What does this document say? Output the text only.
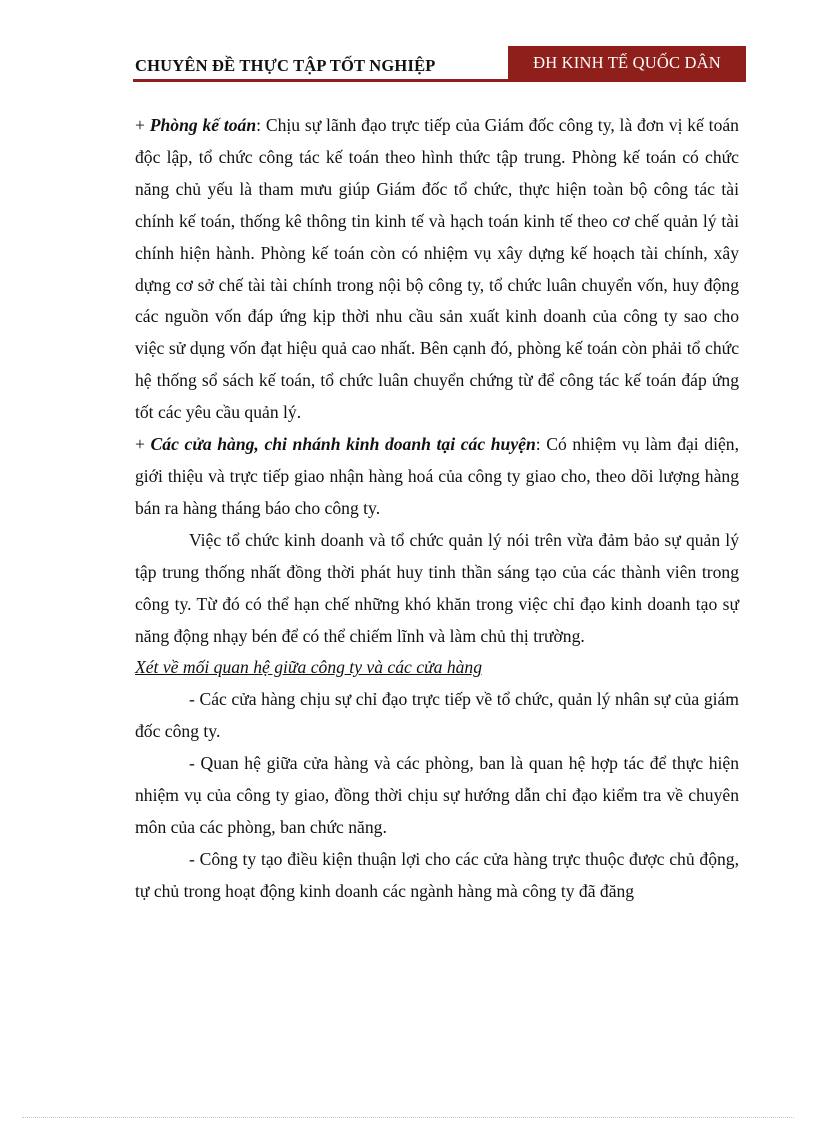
CHUYÊN ĐỀ THỰC TẬP TỐT NGHIỆP	ĐH KINH TẾ QUỐC DÂN

+ Phòng kế toán: Chịu sự lãnh đạo trực tiếp của Giám đốc công ty, là đơn vị kế toán độc lập, tổ chức công tác kế toán theo hình thức tập trung. Phòng kế toán có chức năng chủ yếu là tham mưu giúp Giám đốc tổ chức, thực hiện toàn bộ công tác tài chính kế toán, thống kê thông tin kinh tế và hạch toán kinh tế theo cơ chế quản lý tài chính hiện hành. Phòng kế toán còn có nhiệm vụ xây dựng kế hoạch tài chính, xây dựng cơ sở chế tài tài chính trong nội bộ công ty, tổ chức luân chuyển vốn, huy động các nguồn vốn đáp ứng kịp thời nhu cầu sản xuất kinh doanh của công ty sao cho việc sử dụng vốn đạt hiệu quả cao nhất. Bên cạnh đó, phòng kế toán còn phải tổ chức hệ thống sổ sách kế toán, tổ chức luân chuyển chứng từ để công tác kế toán đáp ứng tốt các yêu cầu quản lý.

+ Các cửa hàng, chi nhánh kinh doanh tại các huyện: Có nhiệm vụ làm đại diện, giới thiệu và trực tiếp giao nhận hàng hoá của công ty giao cho, theo dõi lượng hàng bán ra hàng tháng báo cho công ty.

Việc tổ chức kinh doanh và tổ chức quản lý nói trên vừa đảm bảo sự quản lý tập trung thống nhất đồng thời phát huy tinh thần sáng tạo của các thành viên trong công ty. Từ đó có thể hạn chế những khó khăn trong việc chỉ đạo kinh doanh tạo sự năng động nhạy bén để có thể chiếm lĩnh và làm chủ thị trường.

Xét về mối quan hệ giữa công ty và các cửa hàng

- Các cửa hàng chịu sự chỉ đạo trực tiếp về tổ chức, quản lý nhân sự của giám đốc công ty.

- Quan hệ giữa cửa hàng và các phòng, ban là quan hệ hợp tác để thực hiện nhiệm vụ của công ty giao, đồng thời chịu sự hướng dẫn chỉ đạo kiểm tra về chuyên môn của các phòng, ban chức năng.

- Công ty tạo điều kiện thuận lợi cho các cửa hàng trực thuộc được chủ động, tự chủ trong hoạt động kinh doanh các ngành hàng mà công ty đã đăng
